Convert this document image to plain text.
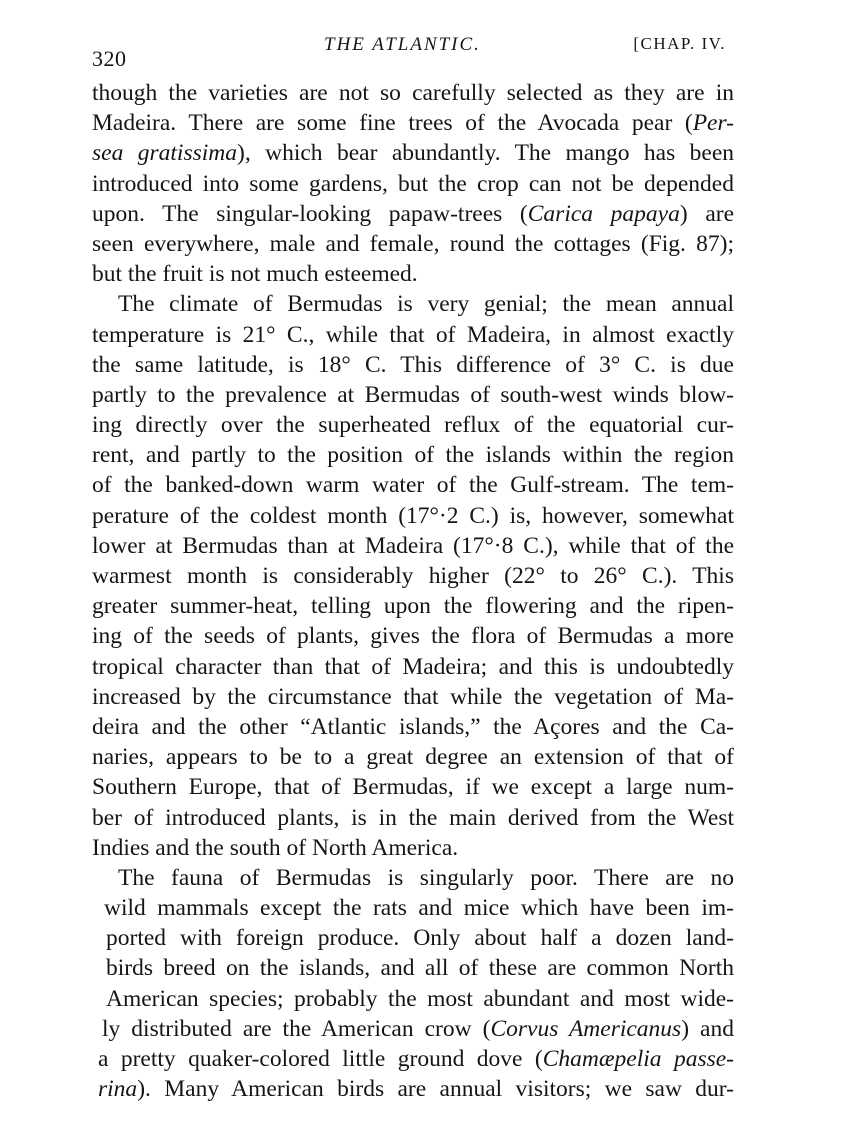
320
THE ATLANTIC.	[CHAP. IV.
though the varieties are not so carefully selected as they are in
Madeira. There are some fine trees of the Avocada pear (Per-
sea gratissima), which bear abundantly. The mango has been
introduced into some gardens, but the crop can not be depended
upon. The singular-looking papaw-trees (Carica papaya) are
seen everywhere, male and female, round the cottages (Fig. 87);
but the fruit is not much esteemed.
The climate of Bermudas is very genial; the mean annual
temperature is 21° C., while that of Madeira, in almost exactly
the same latitude, is 18° C. This difference of 3° C. is due
partly to the prevalence at Bermudas of south-west winds blow-
ing directly over the superheated reflux of the equatorial cur-
rent, and partly to the position of the islands within the region
of the banked-down warm water of the Gulf-stream. The tem-
perature of the coldest month (17°·2 C.) is, however, somewhat
lower at Bermudas than at Madeira (17°·8 C.), while that of the
warmest month is considerably higher (22° to 26° C.). This
greater summer-heat, telling upon the flowering and the ripen-
ing of the seeds of plants, gives the flora of Bermudas a more
tropical character than that of Madeira; and this is undoubtedly
increased by the circumstance that while the vegetation of Ma-
deira and the other “Atlantic islands,” the Açores and the Ca-
naries, appears to be to a great degree an extension of that of
Southern Europe, that of Bermudas, if we except a large num-
ber of introduced plants, is in the main derived from the West
Indies and the south of North America.
The fauna of Bermudas is singularly poor. There are no
wild mammals except the rats and mice which have been im-
ported with foreign produce. Only about half a dozen land-
birds breed on the islands, and all of these are common North
American species; probably the most abundant and most wide-
ly distributed are the American crow (Corvus Americanus) and
a pretty quaker-colored little ground dove (Chamæpelia passe-
rina). Many American birds are annual visitors; we saw dur-
